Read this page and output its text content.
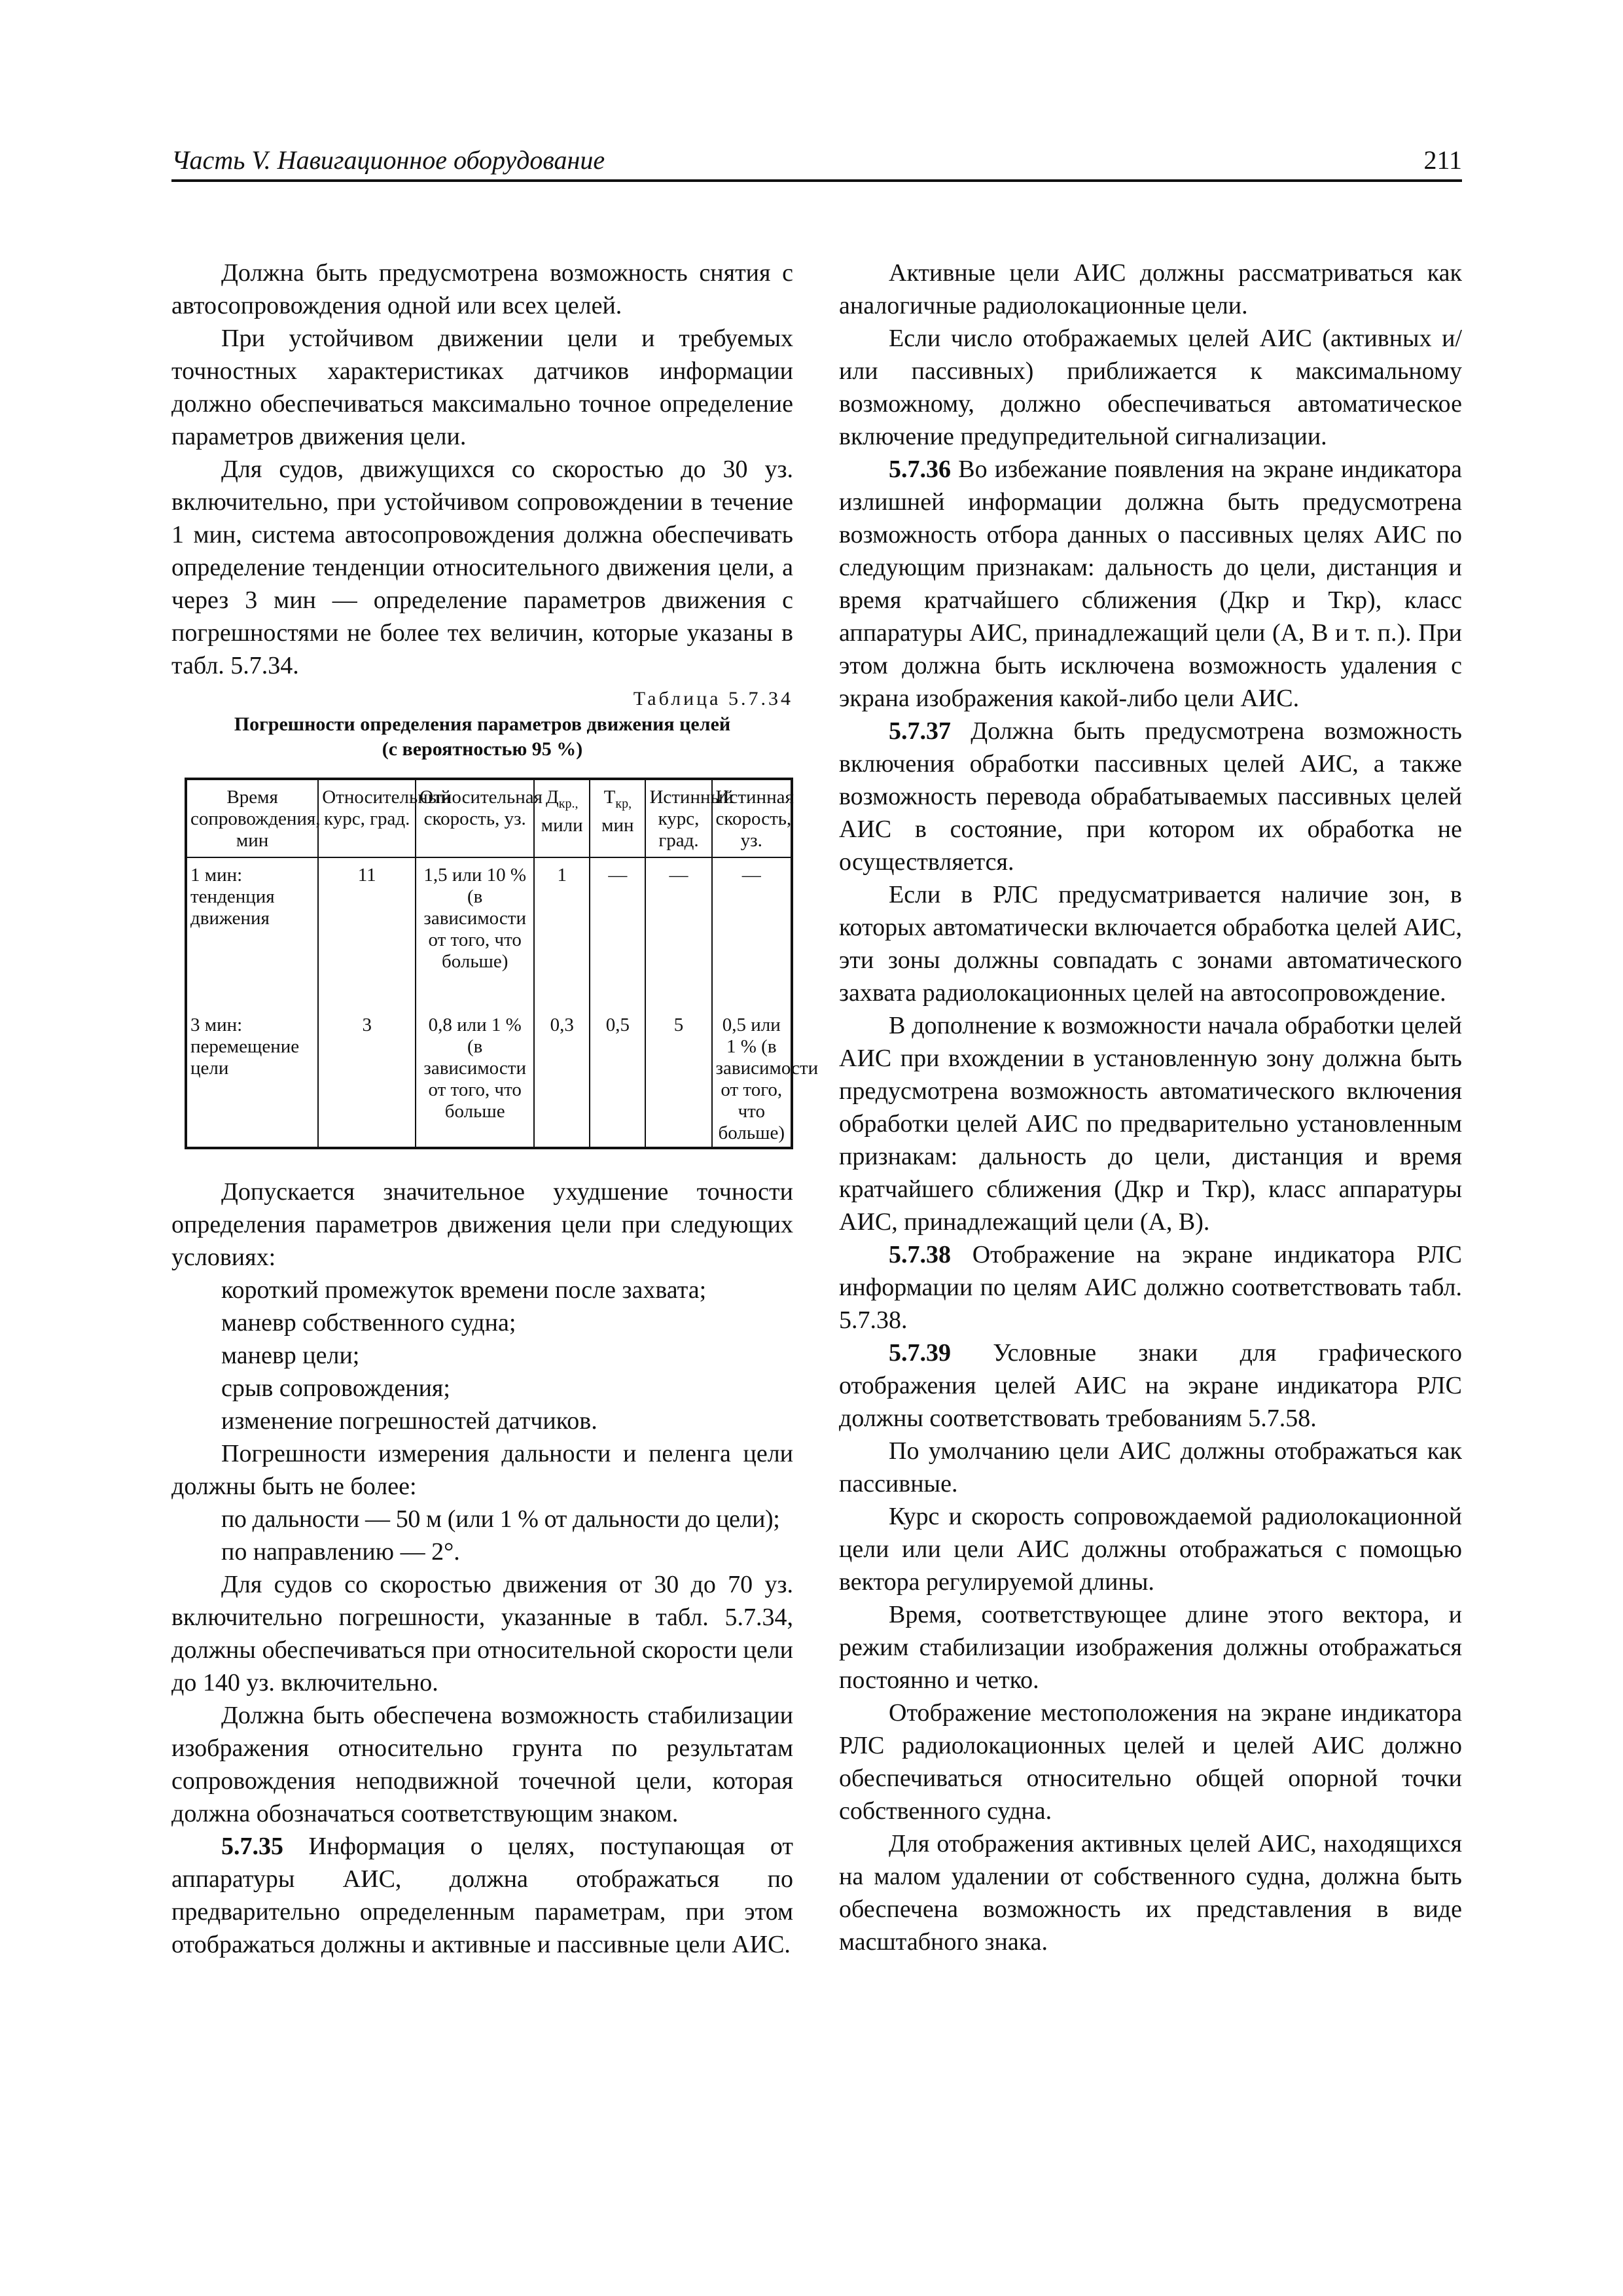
Часть V. Навигационное оборудование	211

Должна быть предусмотрена возможность снятия с автосопровождения одной или всех целей.

При устойчивом движении цели и требуемых точностных характеристиках датчиков информации должно обеспечиваться максимально точное определение параметров движения цели.

Для судов, движущихся со скоростью до 30 уз. включительно, при устойчивом сопровождении в течение 1 мин, система автосопровождения должна обеспечивать определение тенденции относительного движения цели, а через 3 мин — определение параметров движения с погрешностями не более тех величин, которые указаны в табл. 5.7.34.

Таблица 5.7.34
Погрешности определения параметров движения целей
(с вероятностью 95 %)
Время сопровождения, мин	Относительный курс, град.	Относительная скорость, уз.	$Д_{кр.,}$ мили	$Т_{кр,}$ мин	Истинный курс, град.	Истинная скорость, уз.
1 мин: тенденция движения	11	1,5 или 10 % (в зависимости от того, что больше)	1	—	—	—
3 мин: перемещение цели	3	0,8 или 1 % (в зависимости от того, что больше	0,3	0,5	5	0,5 или 1 % (в зависимости от того, что больше)

Допускается значительное ухудшение точности определения параметров движения цели при следующих условиях:

короткий промежуток времени после захвата;

маневр собственного судна;

маневр цели;

срыв сопровождения;

изменение погрешностей датчиков.

Погрешности измерения дальности и пеленга цели должны быть не более:

по дальности — 50 м (или 1 % от дальности до цели);

по направлению — 2°.

Для судов со скоростью движения от 30 до 70 уз. включительно погрешности, указанные в табл. 5.7.34, должны обеспечиваться при относительной скорости цели до 140 уз. включительно.

Должна быть обеспечена возможность стабилизации изображения относительно грунта по результатам сопровождения неподвижной точечной цели, которая должна обозначаться соответствующим знаком.

5.7.35 Информация о целях, поступающая от аппаратуры АИС, должна отображаться по предварительно определенным параметрам, при этом отображаться должны и активные и пассивные цели АИС.

Активные цели АИС должны рассматриваться как аналогичные радиолокационные цели.

Если число отображаемых целей АИС (активных и/или пассивных) приближается к максимальному возможному, должно обеспечиваться автоматическое включение предупредительной сигнализации.

5.7.36 Во избежание появления на экране индикатора излишней информации должна быть предусмотрена возможность отбора данных о пассивных целях АИС по следующим признакам: дальность до цели, дистанция и время кратчайшего сближения (Дкр и Ткр), класс аппаратуры АИС, принадлежащий цели (А, В и т. п.). При этом должна быть исключена возможность удаления с экрана изображения какой-либо цели АИС.

5.7.37 Должна быть предусмотрена возможность включения обработки пассивных целей АИС, а также возможность перевода обрабатываемых пассивных целей АИС в состояние, при котором их обработка не осуществляется.

Если в РЛС предусматривается наличие зон, в которых автоматически включается обработка целей АИС, эти зоны должны совпадать с зонами автоматического захвата радиолокационных целей на автосопровождение.

В дополнение к возможности начала обработки целей АИС при вхождении в установленную зону должна быть предусмотрена возможность автоматического включения обработки целей АИС по предварительно установленным признакам: дальность до цели, дистанция и время кратчайшего сближения (Дкр и Ткр), класс аппаратуры АИС, принадлежащий цели (А, В).

5.7.38 Отображение на экране индикатора РЛС информации по целям АИС должно соответствовать табл. 5.7.38.

5.7.39 Условные знаки для графического отображения целей АИС на экране индикатора РЛС должны соответствовать требованиям 5.7.58.

По умолчанию цели АИС должны отображаться как пассивные.

Курс и скорость сопровождаемой радиолокационной цели или цели АИС должны отображаться с помощью вектора регулируемой длины.

Время, соответствующее длине этого вектора, и режим стабилизации изображения должны отображаться постоянно и четко.

Отображение местоположения на экране индикатора РЛС радиолокационных целей и целей АИС должно обеспечиваться относительно общей опорной точки собственного судна.

Для отображения активных целей АИС, находящихся на малом удалении от собственного судна, должна быть обеспечена возможность их представления в виде масштабного знака.
